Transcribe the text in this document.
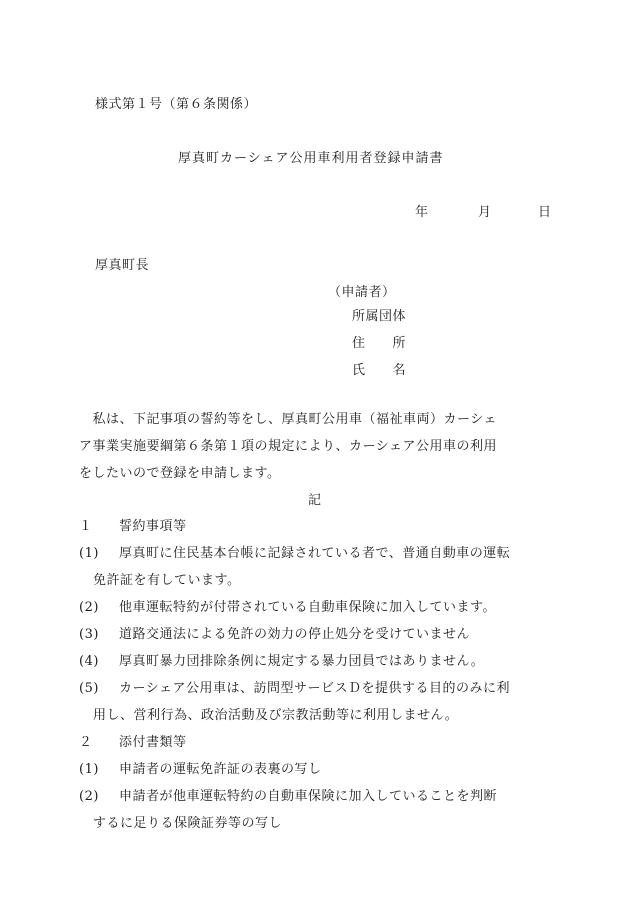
様式第１号（第６条関係）
厚真町カーシェア公用車利用者登録申請書
年	月	日
厚真町長
（申請者）
所属団体
住　　所
氏　　名

　私は、下記事項の誓約等をし、厚真町公用車（福祉車両）カーシェ

ア事業実施要綱第６条第１項の規定により、カーシェア公用車の利用

をしたいので登録を申請します。

記
１ 誓約事項等
(1) 厚真町に住民基本台帳に記録されている者で、普通自動車の運転
免許証を有しています。
(2) 他車運転特約が付帯されている自動車保険に加入しています。
(3) 道路交通法による免許の効力の停止処分を受けていません
(4) 厚真町暴力団排除条例に規定する暴力団員ではありません。
(5) カーシェア公用車は、訪問型サービスＤを提供する目的のみに利
用し、営利行為、政治活動及び宗教活動等に利用しません。
２ 添付書類等
(1) 申請者の運転免許証の表裏の写し
(2) 申請者が他車運転特約の自動車保険に加入していることを判断
するに足りる保険証券等の写し
